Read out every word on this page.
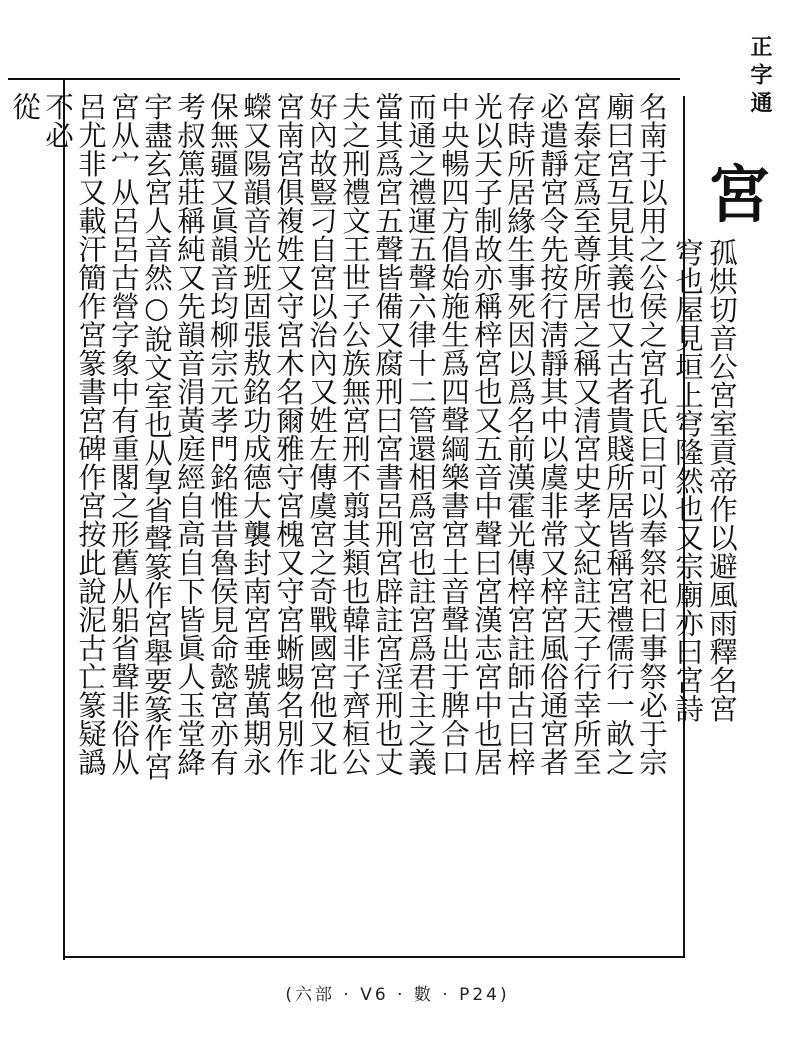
正字通
宮
孤烘切音公宮室貢帝作以避風雨釋名宮
穹也屋見垣上穹隆然也又宗廟亦曰宮詩
名南于以用之公侯之宮孔氏曰可以奉祭祀曰事祭必于宗
廟曰宮互見其義也又古者貴賤所居皆稱宮禮儒行一畝之
宮泰定爲至尊所居之稱又清宮史孝文紀註天子行幸所至
必遣靜宮令先按行淸靜其中以虞非常又梓宮風俗通宮者
存時所居緣生事死因以爲名前漢霍光傳梓宮註師古曰梓
光以天子制故亦稱梓宮也又五音中聲曰宮漢志宮中也居
中央暢四方倡始施生爲四聲綱樂書宮土音聲出于脾合口
而通之禮運五聲六律十二管還相爲宮也註宮爲君主之義
當其爲宮五聲皆備又腐刑曰宮書呂刑宮辟註宮淫刑也丈
夫之刑禮文王世子公族無宮刑不翦其類也韓非子齊桓公
好內故豎刁自宮以治內又姓左傳虞宮之奇戰國宮他又北
宮南宮俱複姓又守宮木名爾雅守宮槐又守宮蜥蜴名別作
蠑又陽韻音光班固張敖銘功成德大襲封南宮垂號萬期永
保無疆又眞韻音均柳宗元孝門銘惟昔魯侯見命懿宮亦有
考叔篤莊稱純又先韻音涓黃庭經自高自下皆眞人玉堂絳
宇盡玄宮人音然○說文室也从㝁省聲篆作宮舉要篆作宮
宮从宀从呂呂古營字象中有重閣之形舊从躳省聲非俗从
呂尤非又載汗簡作宮篆書宮碑作宮按此說泥古亡篆疑譌
不必
從
(六部 · V6 · 數 · P24)
